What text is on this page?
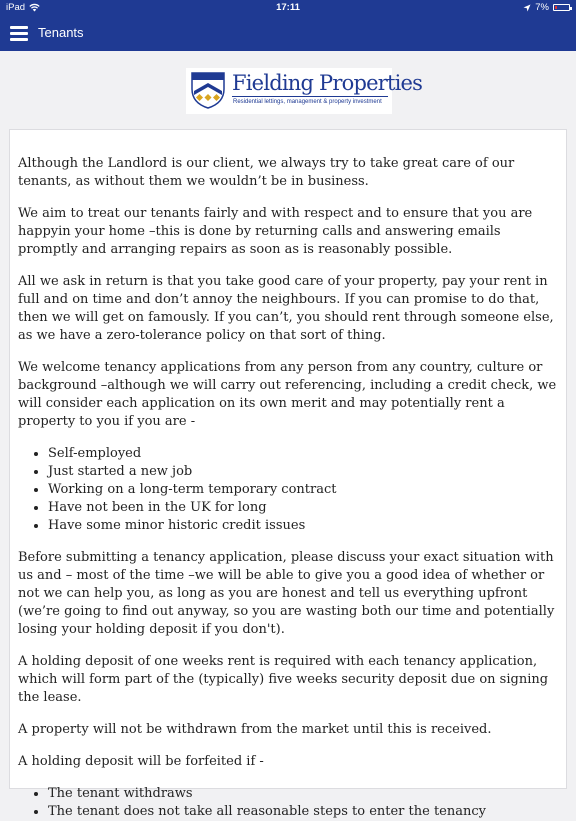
iPad	17:11	7%
Tenants
Fielding Properties
Residential lettings, management & property investment

Although the Landlord is our client, we always try to take great care of our tenants, as without them we wouldn’t be in business.

We aim to treat our tenants fairly and with respect and to ensure that you are happyin your home –this is done by returning calls and answering emails promptly and arranging repairs as soon as is reasonably possible.

All we ask in return is that you take good care of your property, pay your rent in full and on time and don’t annoy the neighbours. If you can promise to do that, then we will get on famously. If you can’t, you should rent through someone else, as we have a zero-tolerance policy on that sort of thing.

We welcome tenancy applications from any person from any country, culture or background –although we will carry out referencing, including a credit check, we will consider each application on its own merit and may potentially rent a property to you if you are -

• Self-employed
• Just started a new job
• Working on a long-term temporary contract
• Have not been in the UK for long
• Have some minor historic credit issues

Before submitting a tenancy application, please discuss your exact situation with us and – most of the time –we will be able to give you a good idea of whether or not we can help you, as long as you are honest and tell us everything upfront (we’re going to find out anyway, so you are wasting both our time and potentially losing your holding deposit if you don't).

A holding deposit of one weeks rent is required with each tenancy application, which will form part of the (typically) five weeks security deposit due on signing the lease.

A property will not be withdrawn from the market until this is received.

A holding deposit will be forfeited if -

• The tenant withdraws
• The tenant does not take all reasonable steps to enter the tenancy
